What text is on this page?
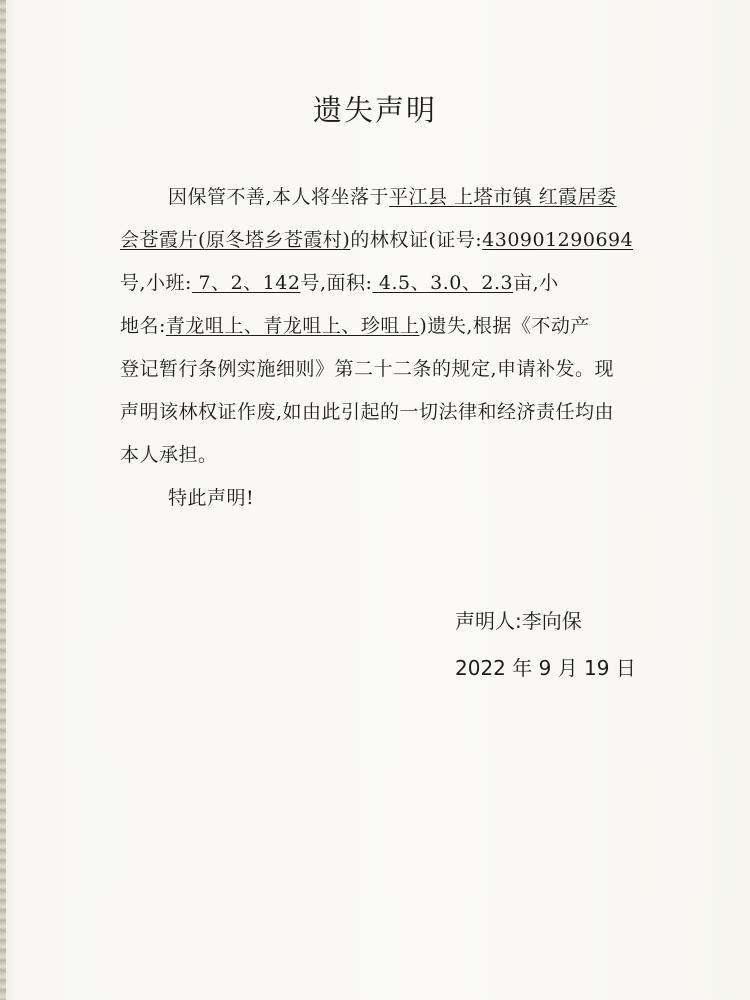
遗失声明
因保管不善,本人将坐落于平江县 上塔市镇 红霞居委
会苍霞片(原冬塔乡苍霞村)的林权证(证号:430901290694
号,小班: 7、2、142号,面积: 4.5、3.0、2.3亩,小
地名:青龙咀上、青龙咀上、珍咀上)遗失,根据《不动产
登记暂行条例实施细则》第二十二条的规定,申请补发。现
声明该林权证作废,如由此引起的一切法律和经济责任均由
本人承担。
特此声明!
声明人:李向保
2022 年 9 月 19 日
